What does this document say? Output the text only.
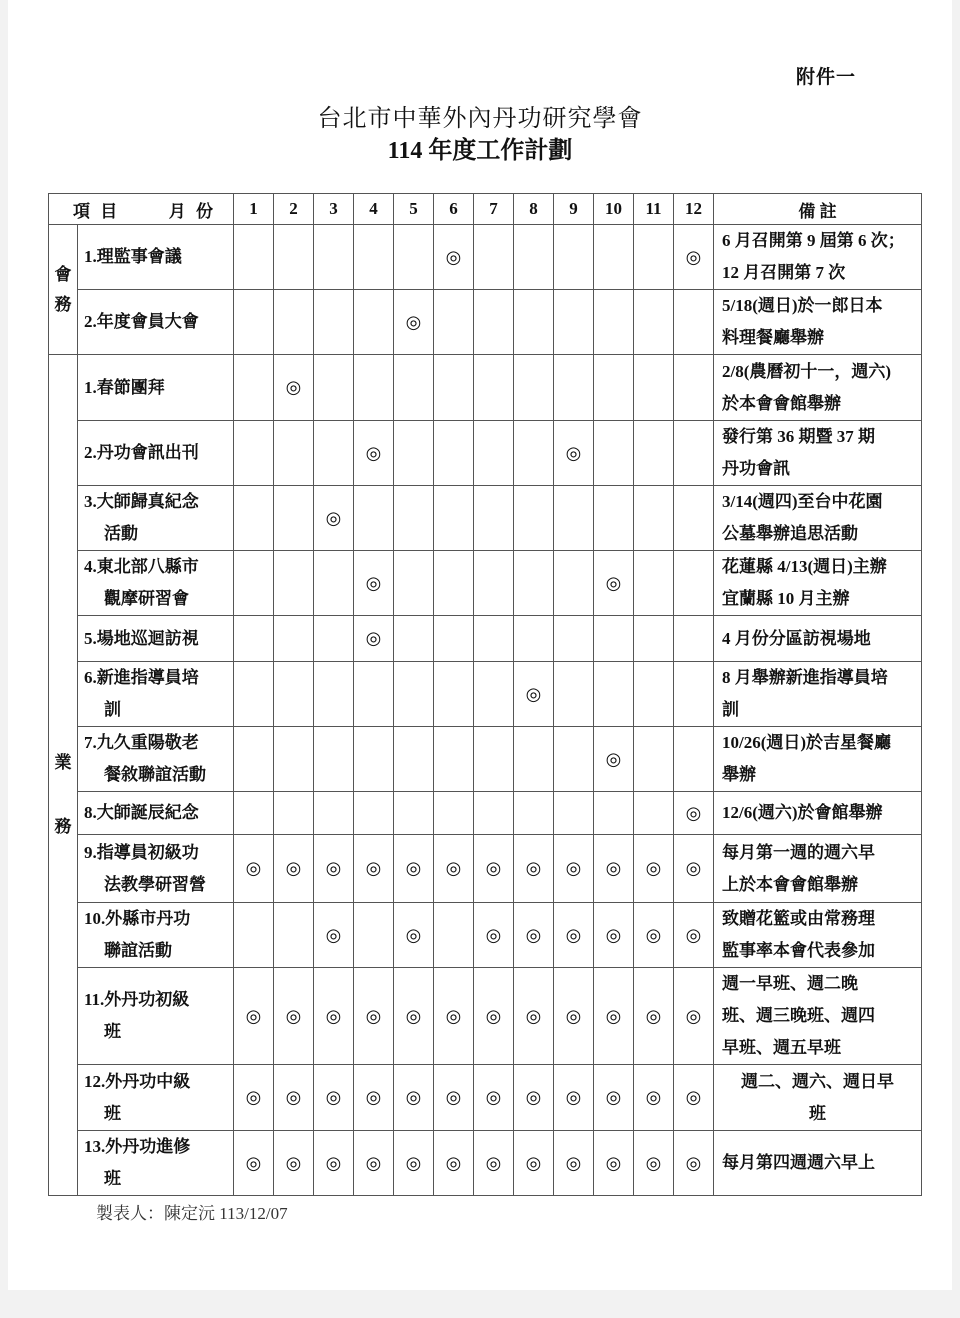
附件一
台北市中華外內丹功研究學會
114 年度工作計劃
項 目 月 份		1	2	3	4	5	6	7	8	9	10	11	12	備 註

會
務	1.理監事會議						◎						◎	6 月召開第 9 屆第 6 次；
12 月召開第 7 次

	2.年度會員大會					◎								5/18(週日)於一郎日本
料理餐廳舉辦

業
務	1.春節團拜		◎											2/8(農曆初十一，週六)
於本會會館舉辦

	2.丹功會訊出刊				◎					◎				發行第 36 期暨 37 期
丹功會訊

	3.大師歸真紀念
活動			◎										3/14(週四)至台中花園
公墓舉辦追思活動

	4.東北部八縣市
觀摩研習會				◎						◎			花蓮縣 4/13(週日)主辦
宜蘭縣 10 月主辦

	5.場地巡迴訪視				◎									4 月份分區訪視場地

	6.新進指導員培
訓								◎					8 月舉辦新進指導員培
訓

	7.九久重陽敬老
餐敘聯誼活動										◎			10/26(週日)於吉星餐廳
舉辦

	8.大師誕辰紀念												◎	12/6(週六)於會館舉辦

	9.指導員初級功
法教學研習營	◎	◎	◎	◎	◎	◎	◎	◎	◎	◎	◎	◎	每月第一週的週六早
上於本會會館舉辦

	10.外縣市丹功
聯誼活動			◎		◎		◎	◎	◎	◎	◎	◎	致贈花籃或由常務理
監事率本會代表參加

	11.外丹功初級
班	◎	◎	◎	◎	◎	◎	◎	◎	◎	◎	◎	◎	週一早班、週二晚
班、週三晚班、週四
早班、週五早班

	12.外丹功中級
班	◎	◎	◎	◎	◎	◎	◎	◎	◎	◎	◎	◎	週二、週六、週日早
班

	13.外丹功進修
班	◎	◎	◎	◎	◎	◎	◎	◎	◎	◎	◎	◎	每月第四週週六早上
製表人：陳定沅 113/12/07
